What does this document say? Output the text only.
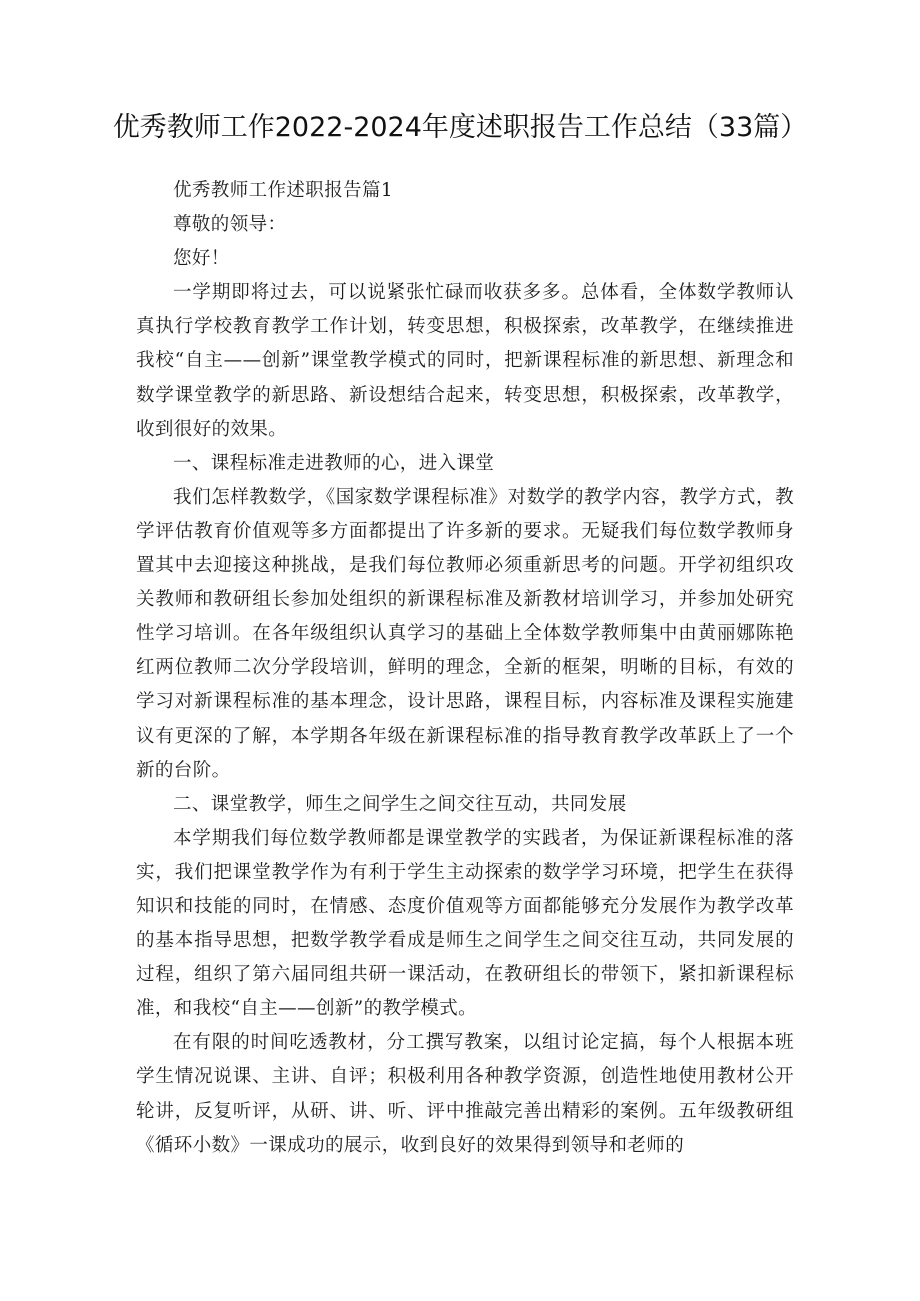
优秀教师工作2022-2024年度述职报告工作总结（33篇）

优秀教师工作述职报告篇1

尊敬的领导：

您好！

一学期即将过去，可以说紧张忙碌而收获多多。总体看，全体数学教师认真执行学校教育教学工作计划，转变思想，积极探索，改革教学，在继续推进我校“自主——创新”课堂教学模式的同时，把新课程标准的新思想、新理念和数学课堂教学的新思路、新设想结合起来，转变思想，积极探索，改革教学，收到很好的效果。

一、课程标准走进教师的心，进入课堂

我们怎样教数学，《国家数学课程标准》对数学的教学内容，教学方式，教学评估教育价值观等多方面都提出了许多新的要求。无疑我们每位数学教师身置其中去迎接这种挑战，是我们每位教师必须重新思考的问题。开学初组织攻关教师和教研组长参加处组织的新课程标准及新教材培训学习，并参加处研究性学习培训。在各年级组织认真学习的基础上全体数学教师集中由黄丽娜陈艳红两位教师二次分学段培训，鲜明的理念，全新的框架，明晰的目标，有效的学习对新课程标准的基本理念，设计思路，课程目标，内容标准及课程实施建议有更深的了解，本学期各年级在新课程标准的指导教育教学改革跃上了一个新的台阶。

二、课堂教学，师生之间学生之间交往互动，共同发展

本学期我们每位数学教师都是课堂教学的实践者，为保证新课程标准的落实，我们把课堂教学作为有利于学生主动探索的数学学习环境，把学生在获得知识和技能的同时，在情感、态度价值观等方面都能够充分发展作为教学改革的基本指导思想，把数学教学看成是师生之间学生之间交往互动，共同发展的过程，组织了第六届同组共研一课活动，在教研组长的带领下，紧扣新课程标准，和我校“自主——创新”的教学模式。

在有限的时间吃透教材，分工撰写教案，以组讨论定搞，每个人根据本班学生情况说课、主讲、自评；积极利用各种教学资源，创造性地使用教材公开轮讲，反复听评，从研、讲、听、评中推敲完善出精彩的案例。五年级教研组《循环小数》一课成功的展示，收到良好的效果得到领导和老师的
